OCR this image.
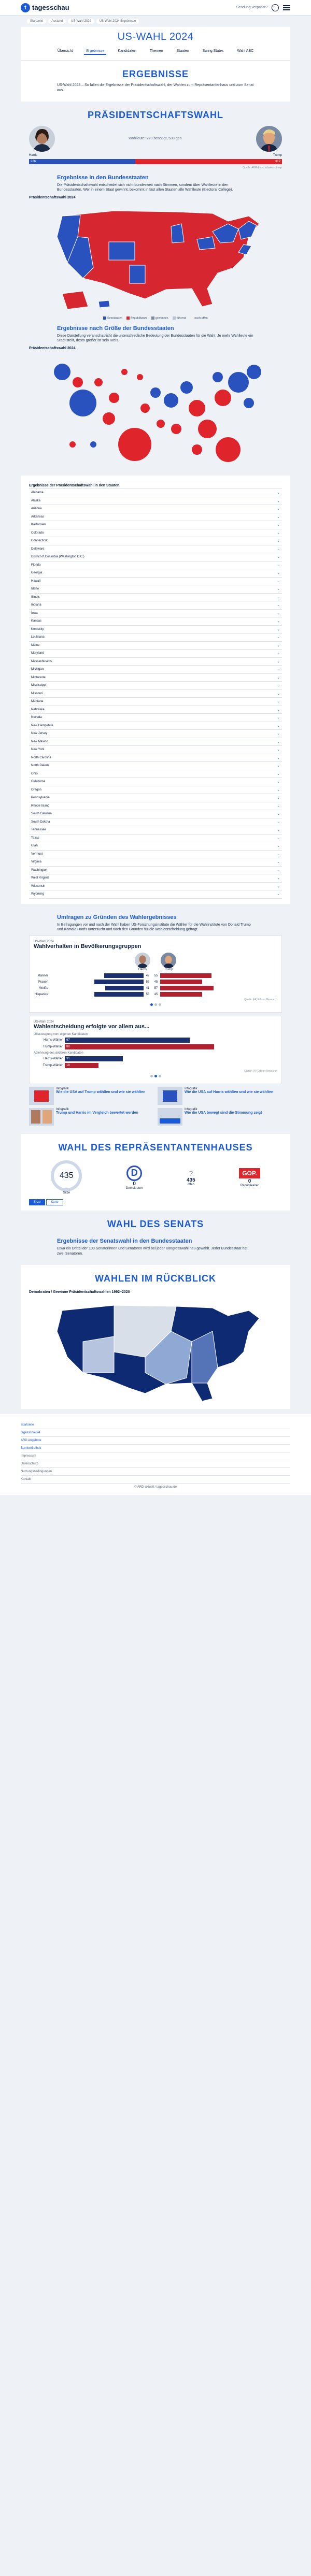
t tagesschau	Sendung verpasst?
Startseite	Ausland	US-Wahl 2024	US-Wahl 2024 Ergebnisse
US-WAHL 2024
Übersicht	Ergebnisse	Kandidaten	Themen	Staaten	Swing States	Wahl ABC
ERGEBNISSE

US-Wahl 2024 – So fallen die Ergebnisse der Präsidentschaftswahl, der Wahlen zum Repräsentantenhaus und zum Senat aus.

PRÄSIDENTSCHAFTSWAHL
Wahlleute: 270 benötigt, 538 ges.
Harris	Trump
226	312
Quelle: AP/Edison, infratest dimap
Ergebnisse in den Bundesstaaten

Die Präsidentschaftswahl entscheidet sich nicht bundesweit nach Stimmen, sondern über Wahlleute in den Bundesstaaten. Wer in einem Staat gewinnt, bekommt in fast allen Staaten alle Wahlleute (Electoral College).

Präsidentschaftswahl 2024
Demokraten	Republikaner	gewonnen	führend	noch offen
Ergebnisse nach Größe der Bundesstaaten

Diese Darstellung veranschaulicht die unterschiedliche Bedeutung der Bundesstaaten für die Wahl: Je mehr Wahlleute ein Staat stellt, desto größer ist sein Kreis.

Präsidentschaftswahl 2024
Ergebnisse der Präsidentschaftswahl in den Staaten
Alabama	⌄
Alaska	⌄
Arizona	⌄
Arkansas	⌄
Kalifornien	⌄
Colorado	⌄
Connecticut	⌄
Delaware	⌄
District of Columbia (Washington D.C.)	⌄
Florida	⌄
Georgia	⌄
Hawaii	⌄
Idaho	⌄
Illinois	⌄
Indiana	⌄
Iowa	⌄
Kansas	⌄
Kentucky	⌄
Louisiana	⌄
Maine	⌄
Maryland	⌄
Massachusetts	⌄
Michigan	⌄
Minnesota	⌄
Mississippi	⌄
Missouri	⌄
Montana	⌄
Nebraska	⌄
Nevada	⌄
New Hampshire	⌄
New Jersey	⌄
New Mexico	⌄
New York	⌄
North Carolina	⌄
North Dakota	⌄
Ohio	⌄
Oklahoma	⌄
Oregon	⌄
Pennsylvania	⌄
Rhode Island	⌄
South Carolina	⌄
South Dakota	⌄
Tennessee	⌄
Texas	⌄
Utah	⌄
Vermont	⌄
Virginia	⌄
Washington	⌄
West Virginia	⌄
Wisconsin	⌄
Wyoming	⌄
Umfragen zu Gründen des Wahlergebnisses

In Befragungen vor und nach der Wahl haben US-Forschungsinstitute die Wähler für die Wahlinstitute von Donald Trump und Kamala Harris untersucht und nach den Gründen für die Wahlentscheidung gefragt.

US-Wahl 2024
Wahlverhalten in Bevölkerungsgruppen
Harris	Trump
Männer	42	55
Frauen	53	45
Weiße	41	57
Hispanics	53	45
Quelle: AP, Edison Research
US-Wahl 2024
Wahlentscheidung erfolgte vor allem aus...
Überzeugung vom eigenen Kandidaten
Harris-Wähler	67
Trump-Wähler	80
Ablehnung des anderen Kandidaten
Harris-Wähler	31
Trump-Wähler	18
Quelle: AP, Edison Research
Infografik
Wie die USA auf Trump wählten und wie sie wählten
Infografik
Wie die USA auf Harris wählten und wie sie wählten
Infografik
Trump und Harris im Vergleich bewertet werden
Infografik
Wie die USA bewegt sind die Stimmung zeigt
WAHL DES REPRÄSENTANTENHAUSES
435
Sitze
D
0
Demokraten
?
435
offen
GOP.
0
Republikaner
Sitze	Karte
WAHL DES SENATS
Ergebnisse der Senatswahl in den Bundesstaaten

Etwa ein Drittel der 100 Senatorinnen und Senatoren wird bei jeder Kongresswahl neu gewählt. Jeder Bundesstaat hat zwei Senatoren.

WAHLEN IM RÜCKBLICK
Demokraten / Gewinne Präsidentschaftswahlen 1992–2020
Startseite
tagesschau24
ARD Angebote
Barrierefreiheit
Impressum
Datenschutz
Nutzungsbedingungen
Kontakt
© ARD-aktuell / tagesschau.de
